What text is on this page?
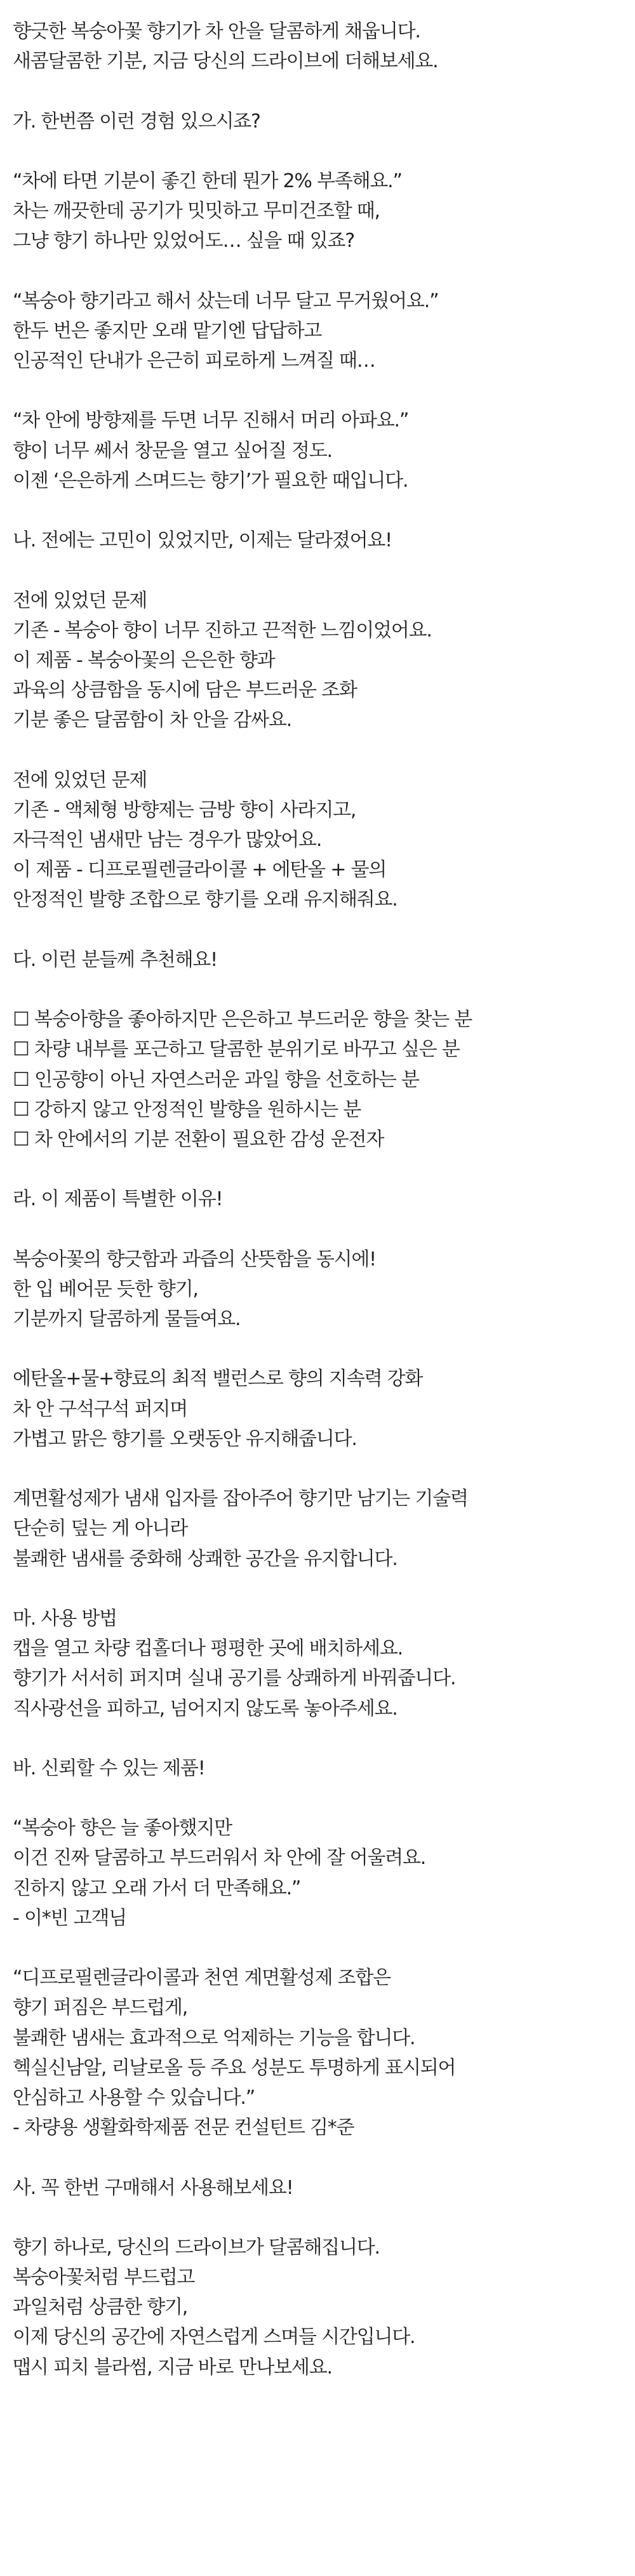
향긋한 복숭아꽃 향기가 차 안을 달콤하게 채웁니다.
새콤달콤한 기분, 지금 당신의 드라이브에 더해보세요.
가. 한번쯤 이런 경험 있으시죠?
“차에 타면 기분이 좋긴 한데 뭔가 2% 부족해요.”
차는 깨끗한데 공기가 밋밋하고 무미건조할 때,
그냥 향기 하나만 있었어도… 싶을 때 있죠?
“복숭아 향기라고 해서 샀는데 너무 달고 무거웠어요.”
한두 번은 좋지만 오래 맡기엔 답답하고
인공적인 단내가 은근히 피로하게 느껴질 때…
“차 안에 방향제를 두면 너무 진해서 머리 아파요.”
향이 너무 쎄서 창문을 열고 싶어질 정도.
이젠 ‘은은하게 스며드는 향기’가 필요한 때입니다.
나. 전에는 고민이 있었지만, 이제는 달라졌어요!
전에 있었던 문제
기존 - 복숭아 향이 너무 진하고 끈적한 느낌이었어요.
이 제품 - 복숭아꽃의 은은한 향과
과육의 상큼함을 동시에 담은 부드러운 조화
기분 좋은 달콤함이 차 안을 감싸요.
전에 있었던 문제
기존 - 액체형 방향제는 금방 향이 사라지고,
자극적인 냄새만 남는 경우가 많았어요.
이 제품 - 디프로필렌글라이콜 + 에탄올 + 물의
안정적인 발향 조합으로 향기를 오래 유지해줘요.
다. 이런 분들께 추천해요!
☐ 복숭아향을 좋아하지만 은은하고 부드러운 향을 찾는 분
☐ 차량 내부를 포근하고 달콤한 분위기로 바꾸고 싶은 분
☐ 인공향이 아닌 자연스러운 과일 향을 선호하는 분
☐ 강하지 않고 안정적인 발향을 원하시는 분
☐ 차 안에서의 기분 전환이 필요한 감성 운전자
라. 이 제품이 특별한 이유!
복숭아꽃의 향긋함과 과즙의 산뜻함을 동시에!
한 입 베어문 듯한 향기,
기분까지 달콤하게 물들여요.
에탄올+물+향료의 최적 밸런스로 향의 지속력 강화
차 안 구석구석 퍼지며
가볍고 맑은 향기를 오랫동안 유지해줍니다.
계면활성제가 냄새 입자를 잡아주어 향기만 남기는 기술력
단순히 덮는 게 아니라
불쾌한 냄새를 중화해 상쾌한 공간을 유지합니다.
마. 사용 방법
캡을 열고 차량 컵홀더나 평평한 곳에 배치하세요.
향기가 서서히 퍼지며 실내 공기를 상쾌하게 바꿔줍니다.
직사광선을 피하고, 넘어지지 않도록 놓아주세요.
바. 신뢰할 수 있는 제품!
“복숭아 향은 늘 좋아했지만
이건 진짜 달콤하고 부드러워서 차 안에 잘 어울려요.
진하지 않고 오래 가서 더 만족해요.”
- 이*빈 고객님
“디프로필렌글라이콜과 천연 계면활성제 조합은
향기 퍼짐은 부드럽게,
불쾌한 냄새는 효과적으로 억제하는 기능을 합니다.
헥실신남알, 리날로올 등 주요 성분도 투명하게 표시되어
안심하고 사용할 수 있습니다.”
- 차량용 생활화학제품 전문 컨설턴트 김*준
사. 꼭 한번 구매해서 사용해보세요!
향기 하나로, 당신의 드라이브가 달콤해집니다.
복숭아꽃처럼 부드럽고
과일처럼 상큼한 향기,
이제 당신의 공간에 자연스럽게 스며들 시간입니다.
맵시 피치 블라썸, 지금 바로 만나보세요.
